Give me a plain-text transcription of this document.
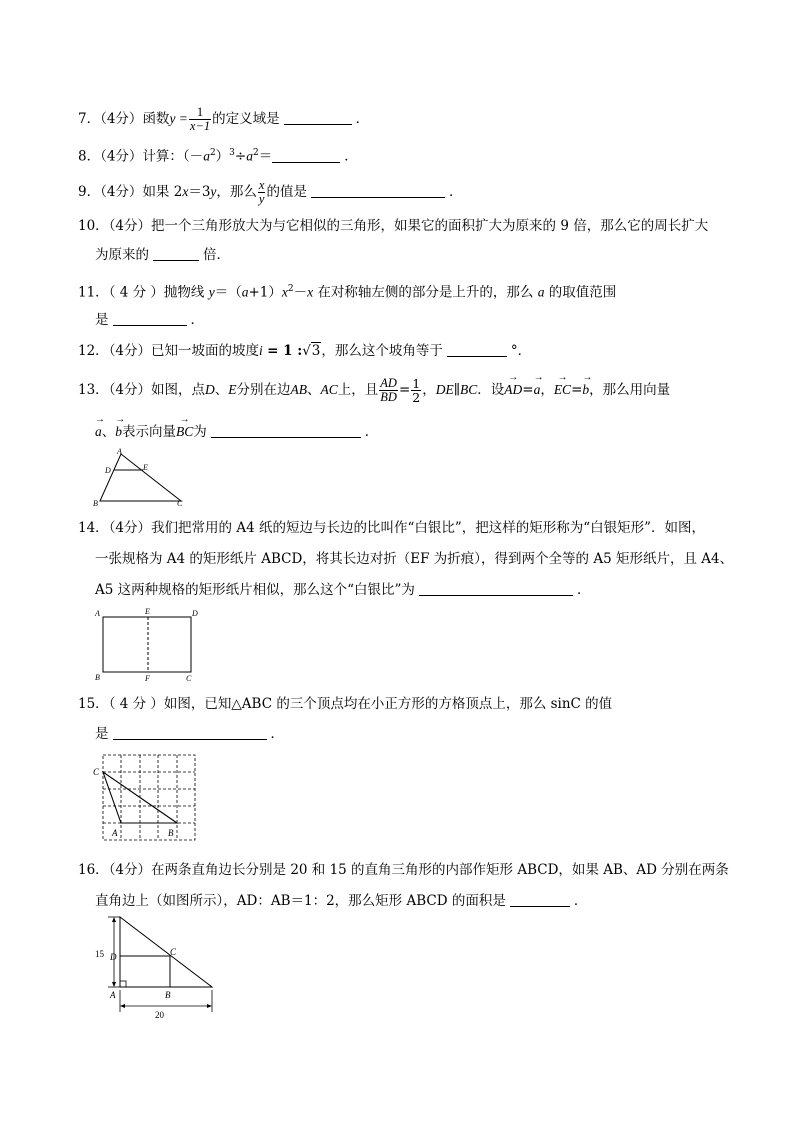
7．（4分）函数$y = \frac{1}{x-1}$ 的定义域是	．
8．（4分）计算：$(-a^2)^3\div a^2=$	．
9．（4分）如果 2x＝3y，那么 $\frac{x}{y}$ 的值是	．
10．（4分）把一个三角形放大为与它相似的三角形，如果它的面积扩大为原来的 9 倍，那么它的周长扩大
为原来的	倍．
11．（ 4 分 ）抛物线 $y=(a+1)x^2-x$ 在对称轴左侧的部分是上升的，那么 a 的取值范围
是	．
12．（4分）已知一坡面的坡度i = 1 :√3，那么这个坡角等于	°．
13．（4分）如图，点D、E分别在边AB、AC上，且 $\frac{AD}{BD} = \frac{1}{2}$ ，DE∥BC．设→ AD=→ a，→ EC=→ b，那么用向量
→ a、→ b表示向量→ BC为	．
A
D	E
B	C
14．（4分）我们把常用的 A4 纸的短边与长边的比叫作“白银比”，把这样的矩形称为“白银矩形”．如图，
一张规格为 A4 的矩形纸片 ABCD，将其长边对折（EF 为折痕），得到两个全等的 A5 矩形纸片，且 A4、
A5 这两种规格的矩形纸片相似，那么这个“白银比”为	．
A	E	D
B	F	C
15．（ 4 分 ）如图，已知△ABC 的三个顶点均在小正方形的方格顶点上，那么 sinC 的值
是	．
C
A	B
16．（4分）在两条直角边长分别是 20 和 15 的直角三角形的内部作矩形 ABCD，如果 AB、AD 分别在两条
直角边上（如图所示），AD：AB＝1：2，那么矩形 ABCD 的面积是	．
15 D	C
A	B
20
